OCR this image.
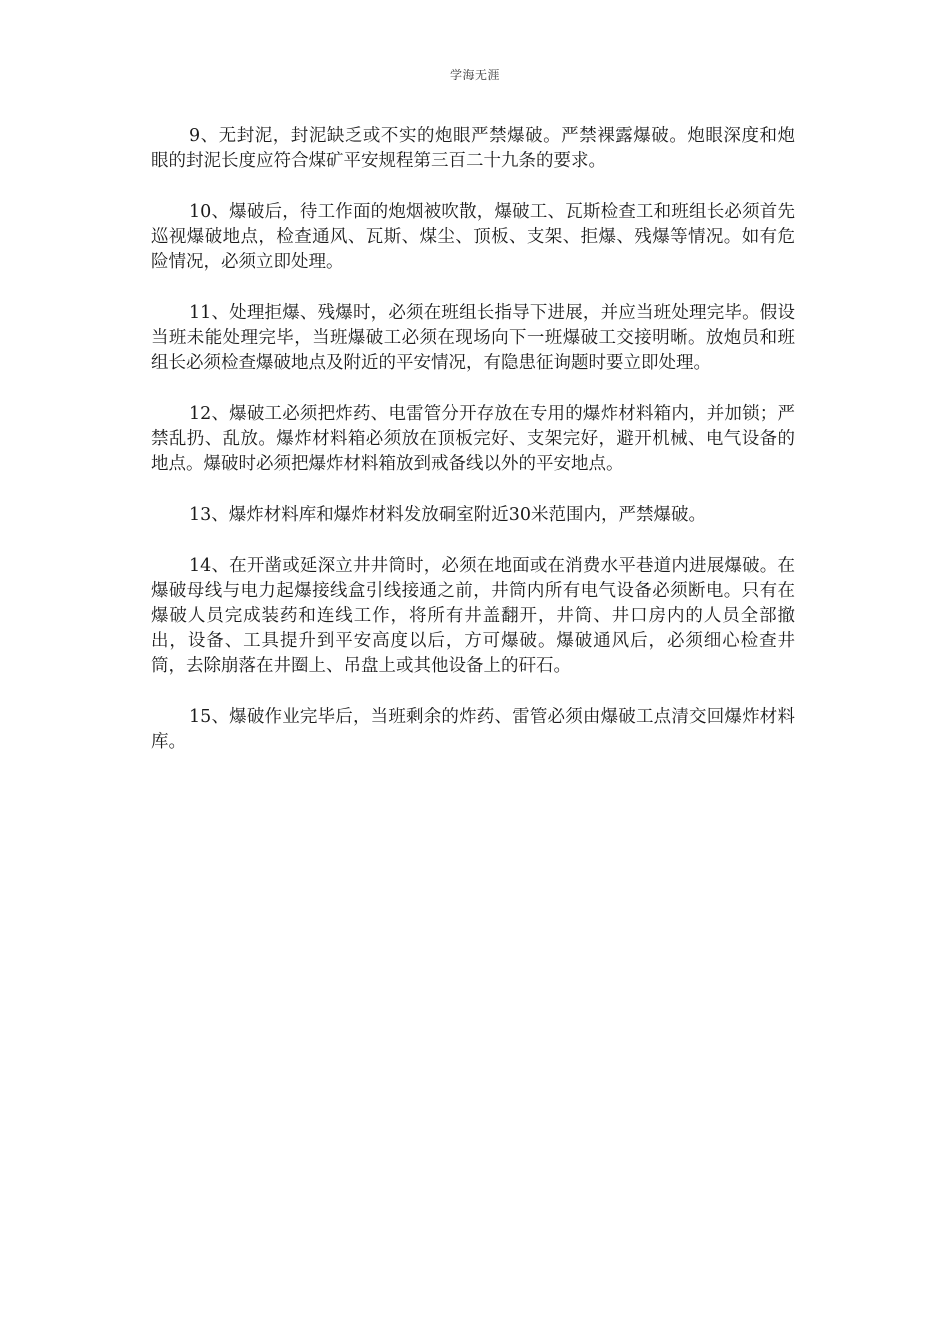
学海无涯

9、无封泥，封泥缺乏或不实的炮眼严禁爆破。严禁裸露爆破。炮眼深度和炮眼的封泥长度应符合煤矿平安规程第三百二十九条的要求。

10、爆破后，待工作面的炮烟被吹散，爆破工、瓦斯检查工和班组长必须首先巡视爆破地点，检查通风、瓦斯、煤尘、顶板、支架、拒爆、残爆等情况。如有危险情况，必须立即处理。

11、处理拒爆、残爆时，必须在班组长指导下进展，并应当班处理完毕。假设当班未能处理完毕，当班爆破工必须在现场向下一班爆破工交接明晰。放炮员和班组长必须检查爆破地点及附近的平安情况，有隐患征询题时要立即处理。

12、爆破工必须把炸药、电雷管分开存放在专用的爆炸材料箱内，并加锁；严禁乱扔、乱放。爆炸材料箱必须放在顶板完好、支架完好，避开机械、电气设备的地点。爆破时必须把爆炸材料箱放到戒备线以外的平安地点。

13、爆炸材料库和爆炸材料发放硐室附近30米范围内，严禁爆破。

14、在开凿或延深立井井筒时，必须在地面或在消费水平巷道内进展爆破。在爆破母线与电力起爆接线盒引线接通之前，井筒内所有电气设备必须断电。只有在爆破人员完成装药和连线工作，将所有井盖翻开，井筒、井口房内的人员全部撤出，设备、工具提升到平安高度以后，方可爆破。爆破通风后，必须细心检查井筒，去除崩落在井圈上、吊盘上或其他设备上的矸石。

15、爆破作业完毕后，当班剩余的炸药、雷管必须由爆破工点清交回爆炸材料库。
